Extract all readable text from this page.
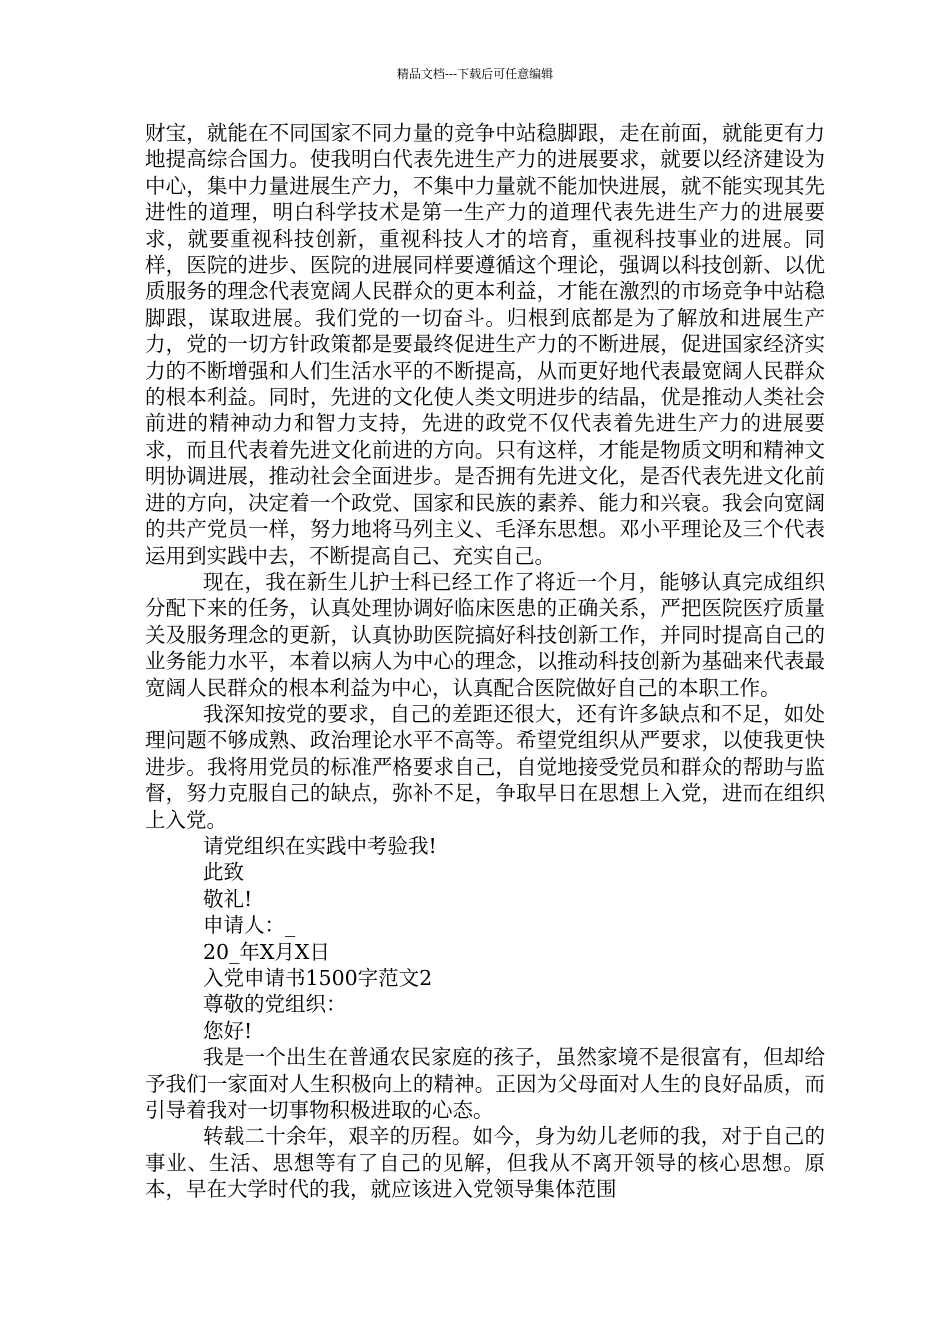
精品文档---下载后可任意编辑

财宝，就能在不同国家不同力量的竞争中站稳脚跟，走在前面，就能更有力地提高综合国力。使我明白代表先进生产力的进展要求，就要以经济建设为中心，集中力量进展生产力，不集中力量就不能加快进展，就不能实现其先进性的道理，明白科学技术是第一生产力的道理代表先进生产力的进展要求，就要重视科技创新，重视科技人才的培育，重视科技事业的进展。同样，医院的进步、医院的进展同样要遵循这个理论，强调以科技创新、以优质服务的理念代表宽阔人民群众的更本利益，才能在激烈的市场竞争中站稳脚跟，谋取进展。我们党的一切奋斗。归根到底都是为了解放和进展生产力，党的一切方针政策都是要最终促进生产力的不断进展，促进国家经济实力的不断增强和人们生活水平的不断提高，从而更好地代表最宽阔人民群众的根本利益。同时，先进的文化使人类文明进步的结晶，优是推动人类社会前进的精神动力和智力支持，先进的政党不仅代表着先进生产力的进展要求，而且代表着先进文化前进的方向。只有这样，才能是物质文明和精神文明协调进展，推动社会全面进步。是否拥有先进文化，是否代表先进文化前进的方向，决定着一个政党、国家和民族的素养、能力和兴衰。我会向宽阔的共产党员一样，努力地将马列主义、毛泽东思想。邓小平理论及三个代表运用到实践中去，不断提高自己、充实自己。

现在，我在新生儿护士科已经工作了将近一个月，能够认真完成组织分配下来的任务，认真处理协调好临床医患的正确关系，严把医院医疗质量关及服务理念的更新，认真协助医院搞好科技创新工作，并同时提高自己的业务能力水平，本着以病人为中心的理念，以推动科技创新为基础来代表最宽阔人民群众的根本利益为中心，认真配合医院做好自己的本职工作。

我深知按党的要求，自己的差距还很大，还有许多缺点和不足，如处理问题不够成熟、政治理论水平不高等。希望党组织从严要求，以使我更快进步。我将用党员的标准严格要求自己，自觉地接受党员和群众的帮助与监督，努力克服自己的缺点，弥补不足，争取早日在思想上入党，进而在组织上入党。

请党组织在实践中考验我!

此致

敬礼!

申请人：_

20_年X月X日

入党申请书1500字范文2

尊敬的党组织：

您好!

我是一个出生在普通农民家庭的孩子，虽然家境不是很富有，但却给予我们一家面对人生积极向上的精神。正因为父母面对人生的良好品质，而引导着我对一切事物积极进取的心态。

转载二十余年，艰辛的历程。如今，身为幼儿老师的我，对于自己的事业、生活、思想等有了自己的见解，但我从不离开领导的核心思想。原本，早在大学时代的我，就应该进入党领导集体范围
